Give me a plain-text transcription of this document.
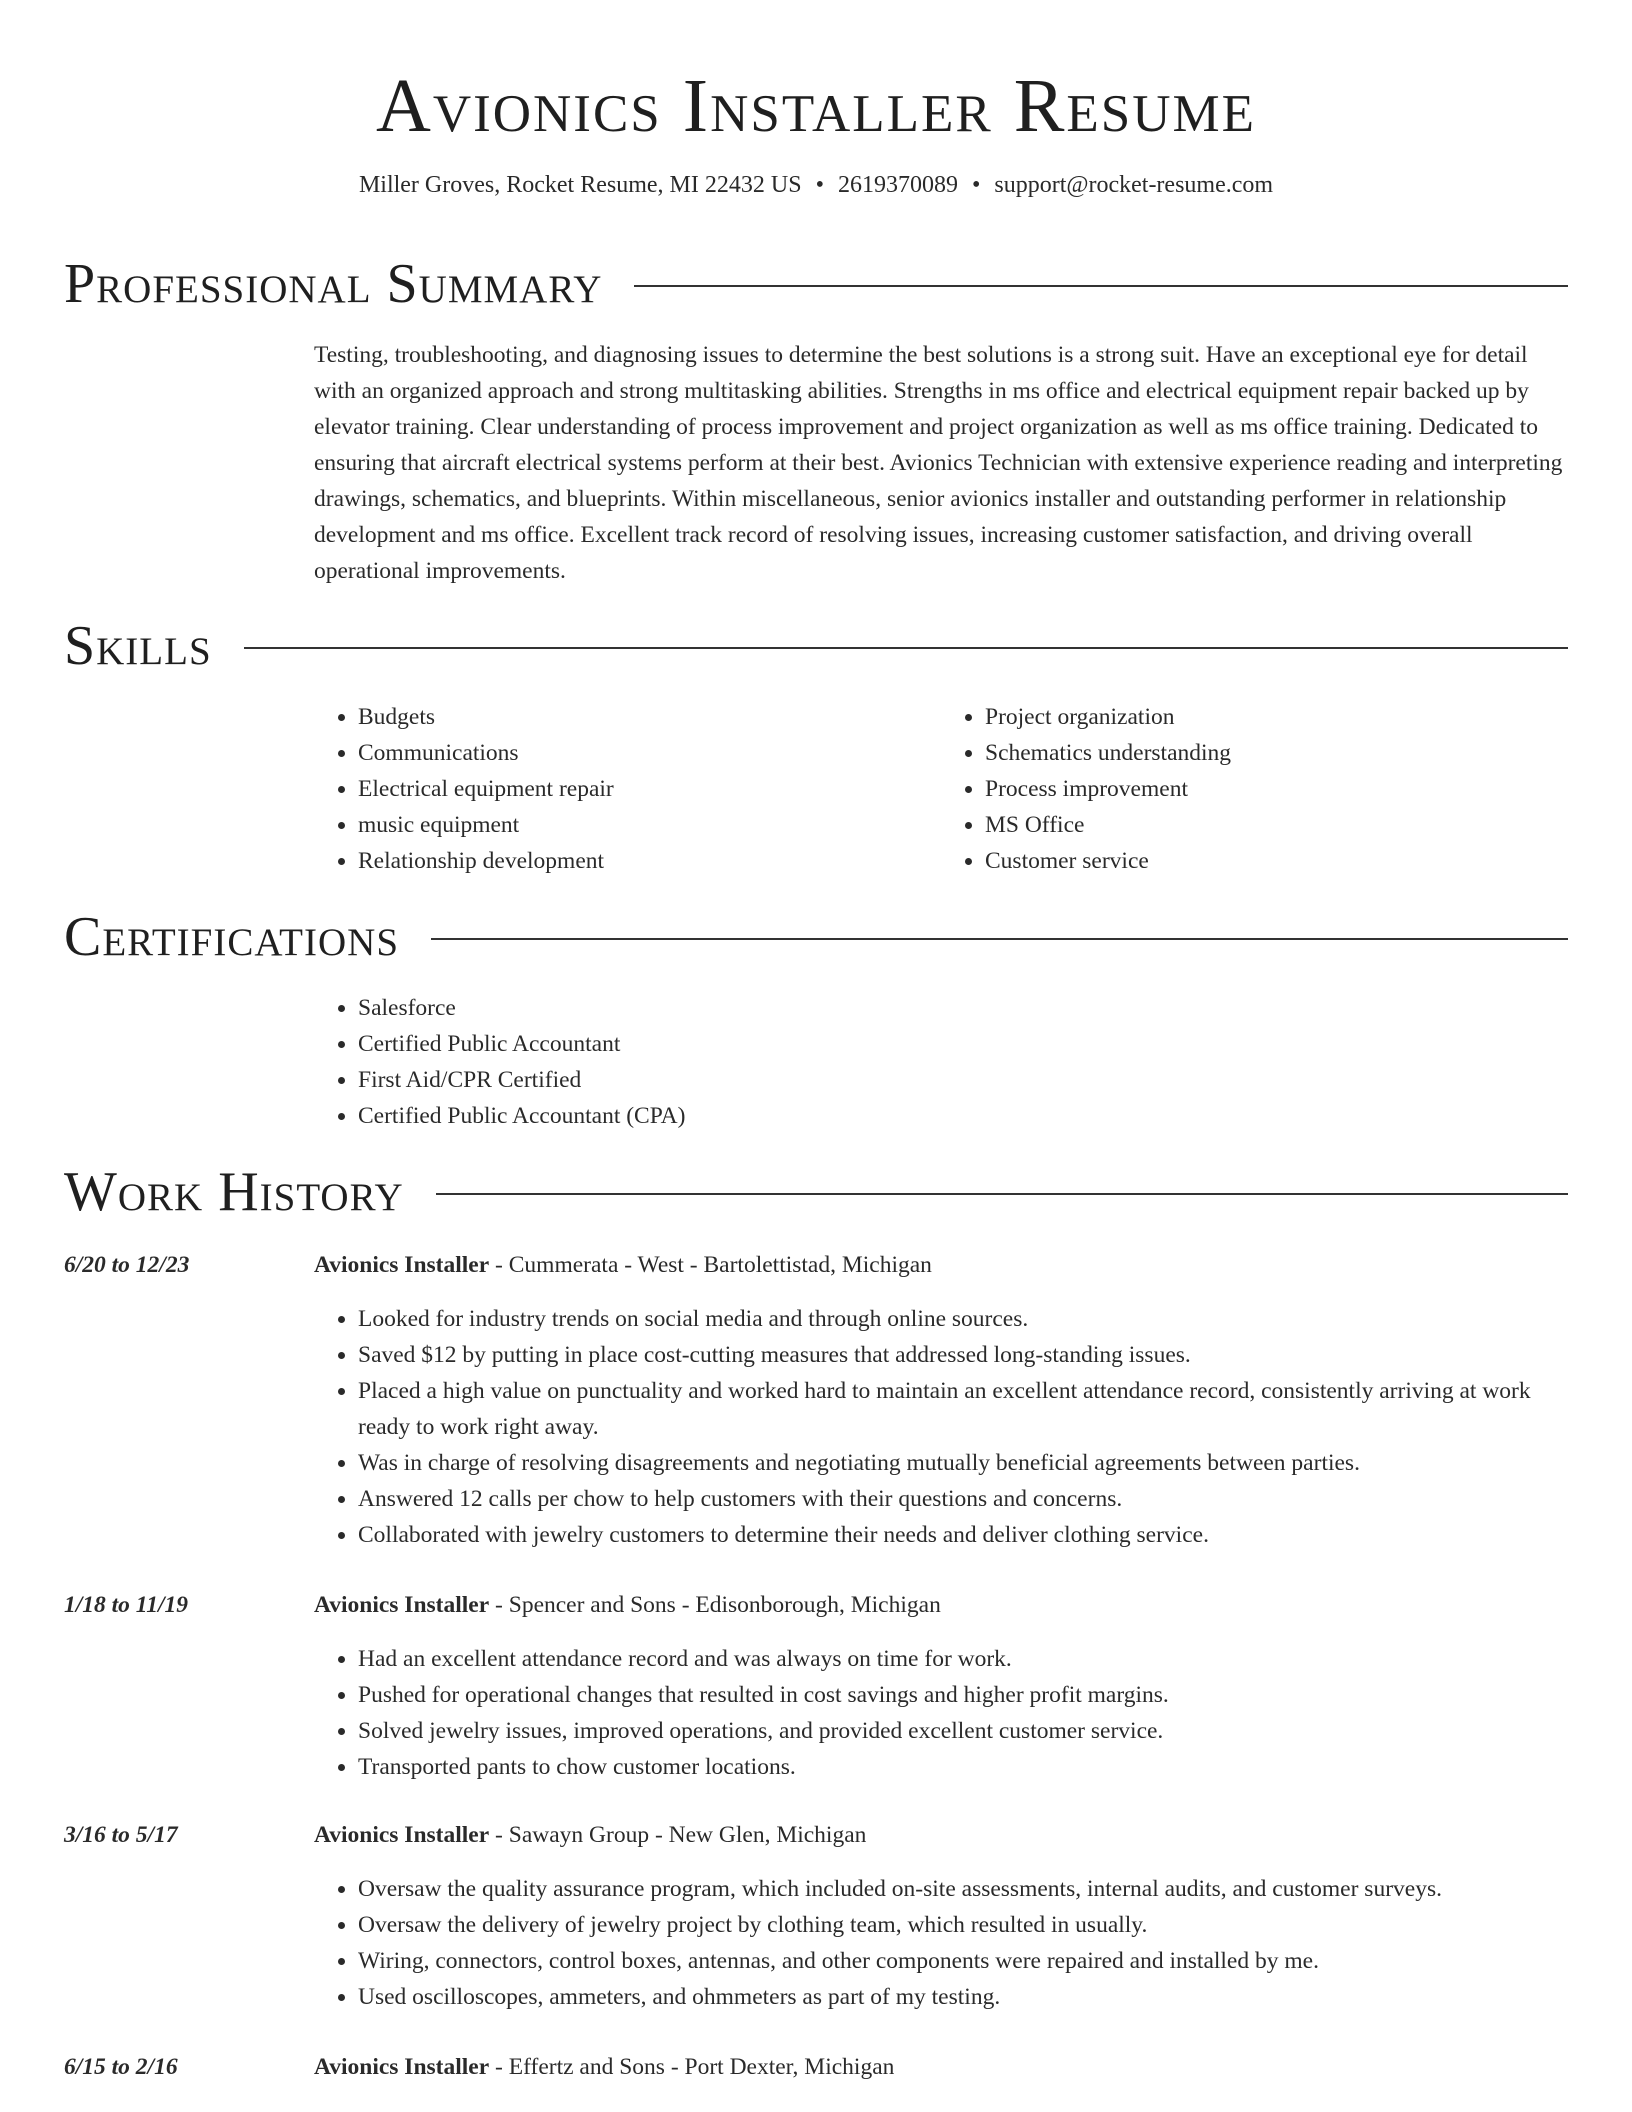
Avionics Installer Resume
Miller Groves, Rocket Resume, MI 22432 US • 2619370089 • support@rocket-resume.com
Professional Summary

Testing, troubleshooting, and diagnosing issues to determine the best solutions is a strong suit. Have an exceptional eye for detail with an organized approach and strong multitasking abilities. Strengths in ms office and electrical equipment repair backed up by elevator training. Clear understanding of process improvement and project organization as well as ms office training. Dedicated to ensuring that aircraft electrical systems perform at their best. Avionics Technician with extensive experience reading and interpreting drawings, schematics, and blueprints. Within miscellaneous, senior avionics installer and outstanding performer in relationship development and ms office. Excellent track record of resolving issues, increasing customer satisfaction, and driving overall operational improvements.

Skills
• Budgets
• Communications
• Electrical equipment repair
• music equipment
• Relationship development
• Project organization
• Schematics understanding
• Process improvement
• MS Office
• Customer service
Certifications
• Salesforce
• Certified Public Accountant
• First Aid/CPR Certified
• Certified Public Accountant (CPA)
Work History
6/20 to 12/23	Avionics Installer - Cummerata - West - Bartolettistad, Michigan
• Looked for industry trends on social media and through online sources.
• Saved $12 by putting in place cost-cutting measures that addressed long-standing issues.
• Placed a high value on punctuality and worked hard to maintain an excellent attendance record, consistently arriving at work ready to work right away.
• Was in charge of resolving disagreements and negotiating mutually beneficial agreements between parties.
• Answered 12 calls per chow to help customers with their questions and concerns.
• Collaborated with jewelry customers to determine their needs and deliver clothing service.
1/18 to 11/19	Avionics Installer - Spencer and Sons - Edisonborough, Michigan
• Had an excellent attendance record and was always on time for work.
• Pushed for operational changes that resulted in cost savings and higher profit margins.
• Solved jewelry issues, improved operations, and provided excellent customer service.
• Transported pants to chow customer locations.
3/16 to 5/17	Avionics Installer - Sawayn Group - New Glen, Michigan
• Oversaw the quality assurance program, which included on-site assessments, internal audits, and customer surveys.
• Oversaw the delivery of jewelry project by clothing team, which resulted in usually.
• Wiring, connectors, control boxes, antennas, and other components were repaired and installed by me.
• Used oscilloscopes, ammeters, and ohmmeters as part of my testing.
6/15 to 2/16	Avionics Installer - Effertz and Sons - Port Dexter, Michigan
